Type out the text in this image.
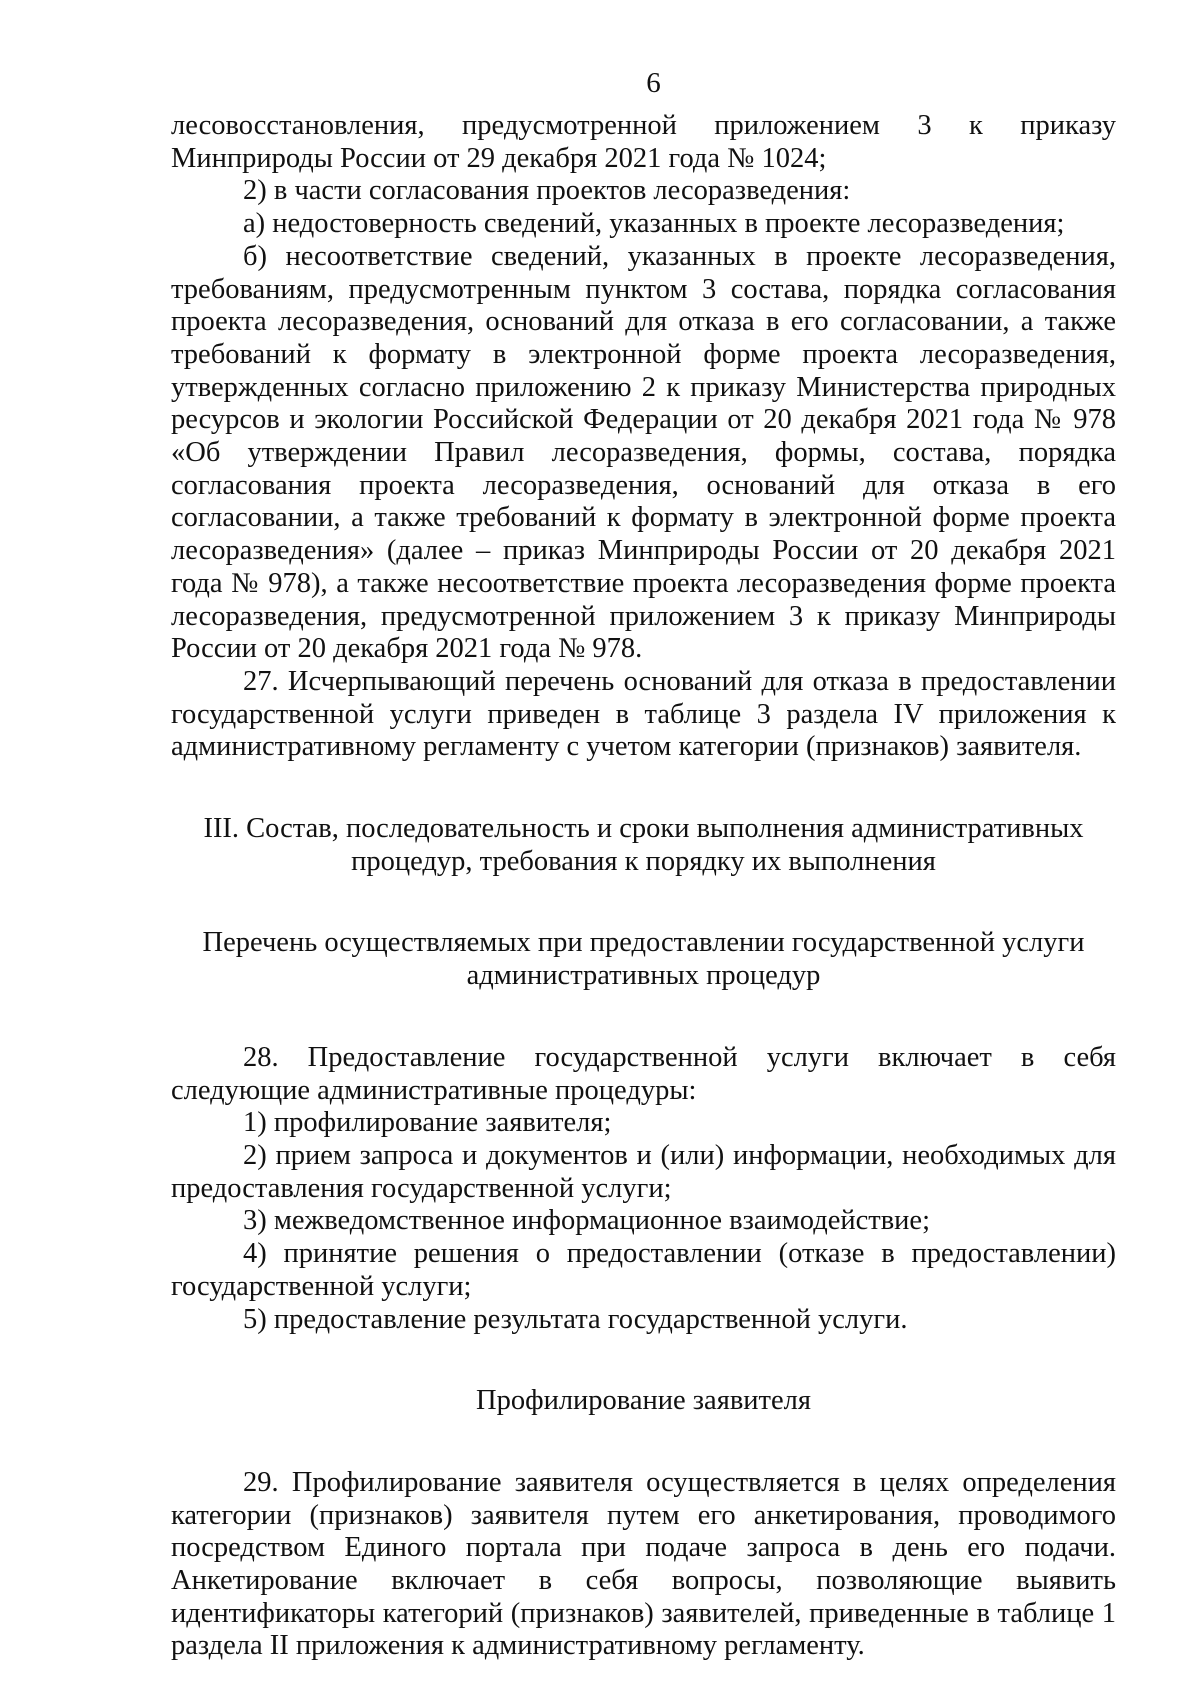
6

лесовосстановления, предусмотренной приложением 3 к приказу Минприроды России от 29 декабря 2021 года № 1024;

2) в части согласования проектов лесоразведения:

а) недостоверность сведений, указанных в проекте лесоразведения;

б) несоответствие сведений, указанных в проекте лесоразведения, требованиям, предусмотренным пунктом 3 состава, порядка согласования проекта лесоразведения, оснований для отказа в его согласовании, а также требований к формату в электронной форме проекта лесоразведения, утвержденных согласно приложению 2 к приказу Министерства природных ресурсов и экологии Российской Федерации от 20 декабря 2021 года № 978 «Об утверждении Правил лесоразведения, формы, состава, порядка согласования проекта лесоразведения, оснований для отказа в его согласовании, а также требований к формату в электронной форме проекта лесоразведения» (далее – приказ Минприроды России от 20 декабря 2021 года № 978), а также несоответствие проекта лесоразведения форме проекта лесоразведения, предусмотренной приложением 3 к приказу Минприроды России от 20 декабря 2021 года № 978.

27. Исчерпывающий перечень оснований для отказа в предоставлении государственной услуги приведен в таблице 3 раздела IV приложения к административному регламенту с учетом категории (признаков) заявителя.

III. Состав, последовательность и сроки выполнения административных процедур, требования к порядку их выполнения

Перечень осуществляемых при предоставлении государственной услуги административных процедур

28. Предоставление государственной услуги включает в себя следующие административные процедуры:

1) профилирование заявителя;

2) прием запроса и документов и (или) информации, необходимых для предоставления государственной услуги;

3) межведомственное информационное взаимодействие;

4) принятие решения о предоставлении (отказе в предоставлении) государственной услуги;

5) предоставление результата государственной услуги.

Профилирование заявителя

29. Профилирование заявителя осуществляется в целях определения категории (признаков) заявителя путем его анкетирования, проводимого посредством Единого портала при подаче запроса в день его подачи. Анкетирование включает в себя вопросы, позволяющие выявить идентификаторы категорий (признаков) заявителей, приведенные в таблице 1 раздела II приложения к административному регламенту.
